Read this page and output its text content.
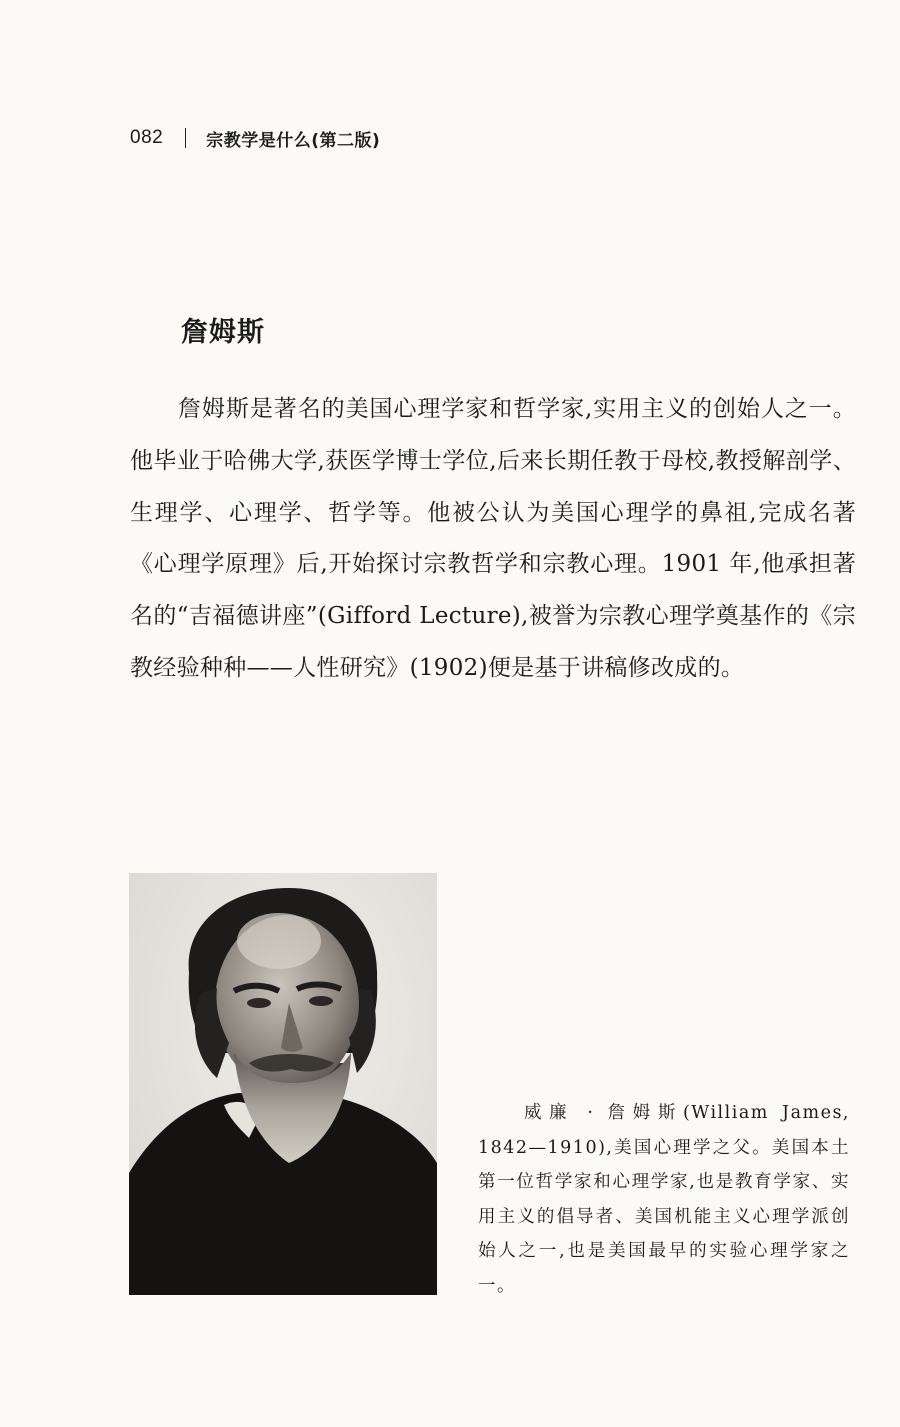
082	宗教学是什么(第二版)
詹姆斯

詹姆斯是著名的美国心理学家和哲学家,实用主义的创始人之一。他毕业于哈佛大学,获医学博士学位,后来长期任教于母校,教授解剖学、生理学、心理学、哲学等。他被公认为美国心理学的鼻祖,完成名著《心理学原理》后,开始探讨宗教哲学和宗教心理。1901 年,他承担著名的“吉福德讲座”(Gifford Lecture),被誉为宗教心理学奠基作的《宗教经验种种——人性研究》(1902)便是基于讲稿修改成的。

威廉 · 詹姆斯(William James, 1842—1910),美国心理学之父。美国本土第一位哲学家和心理学家,也是教育学家、实用主义的倡导者、美国机能主义心理学派创始人之一,也是美国最早的实验心理学家之一。
